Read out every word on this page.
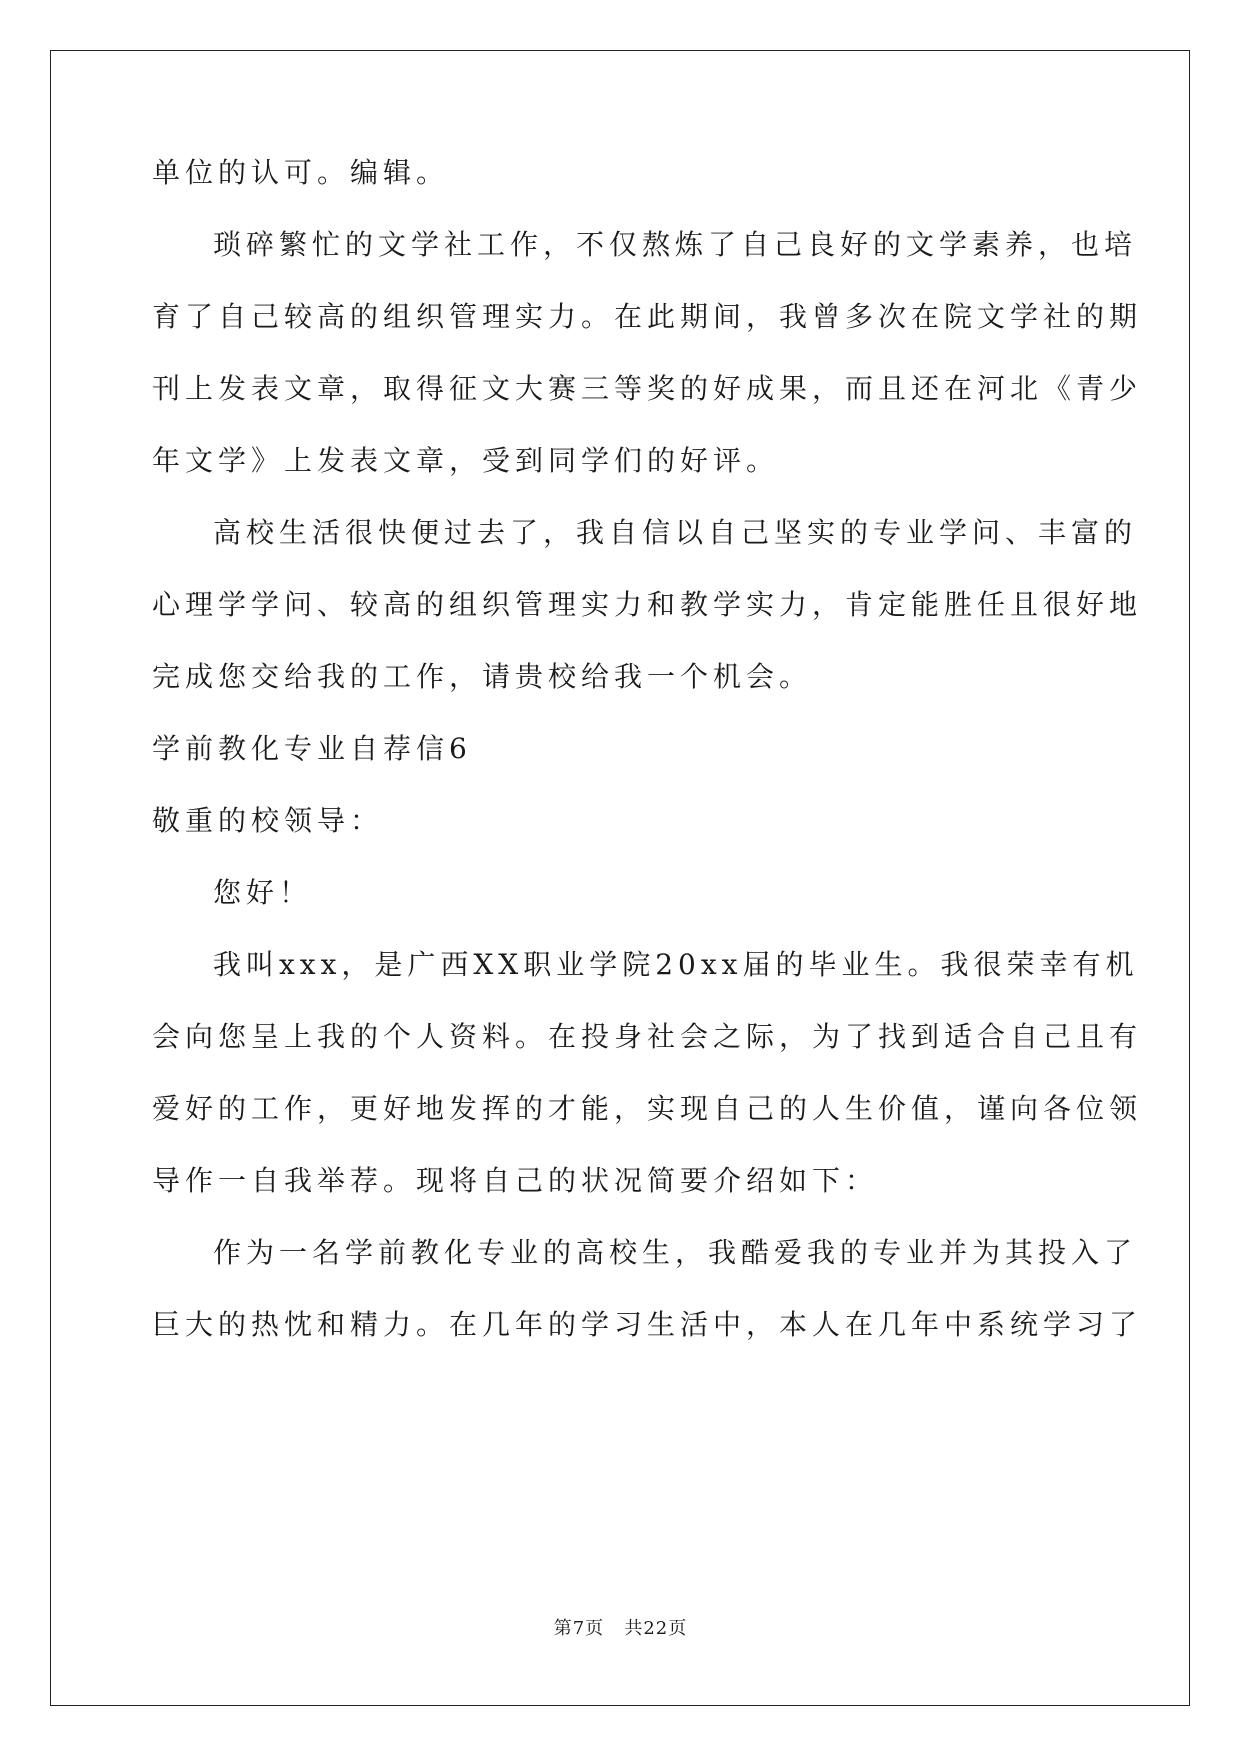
单位的认可。编辑。
琐碎繁忙的文学社工作，不仅熬炼了自己良好的文学素养，也培
育了自己较高的组织管理实力。在此期间，我曾多次在院文学社的期
刊上发表文章，取得征文大赛三等奖的好成果，而且还在河北《青少
年文学》上发表文章，受到同学们的好评。
高校生活很快便过去了，我自信以自己坚实的专业学问、丰富的
心理学学问、较高的组织管理实力和教学实力，肯定能胜任且很好地
完成您交给我的工作，请贵校给我一个机会。
学前教化专业自荐信6
敬重的校领导：
您好！
我叫xxx，是广西XX职业学院20xx届的毕业生。我很荣幸有机
会向您呈上我的个人资料。在投身社会之际，为了找到适合自己且有
爱好的工作，更好地发挥的才能，实现自己的人生价值，谨向各位领
导作一自我举荐。现将自己的状况简要介绍如下：
作为一名学前教化专业的高校生，我酷爱我的专业并为其投入了
巨大的热忱和精力。在几年的学习生活中，本人在几年中系统学习了
第7页   共22页
